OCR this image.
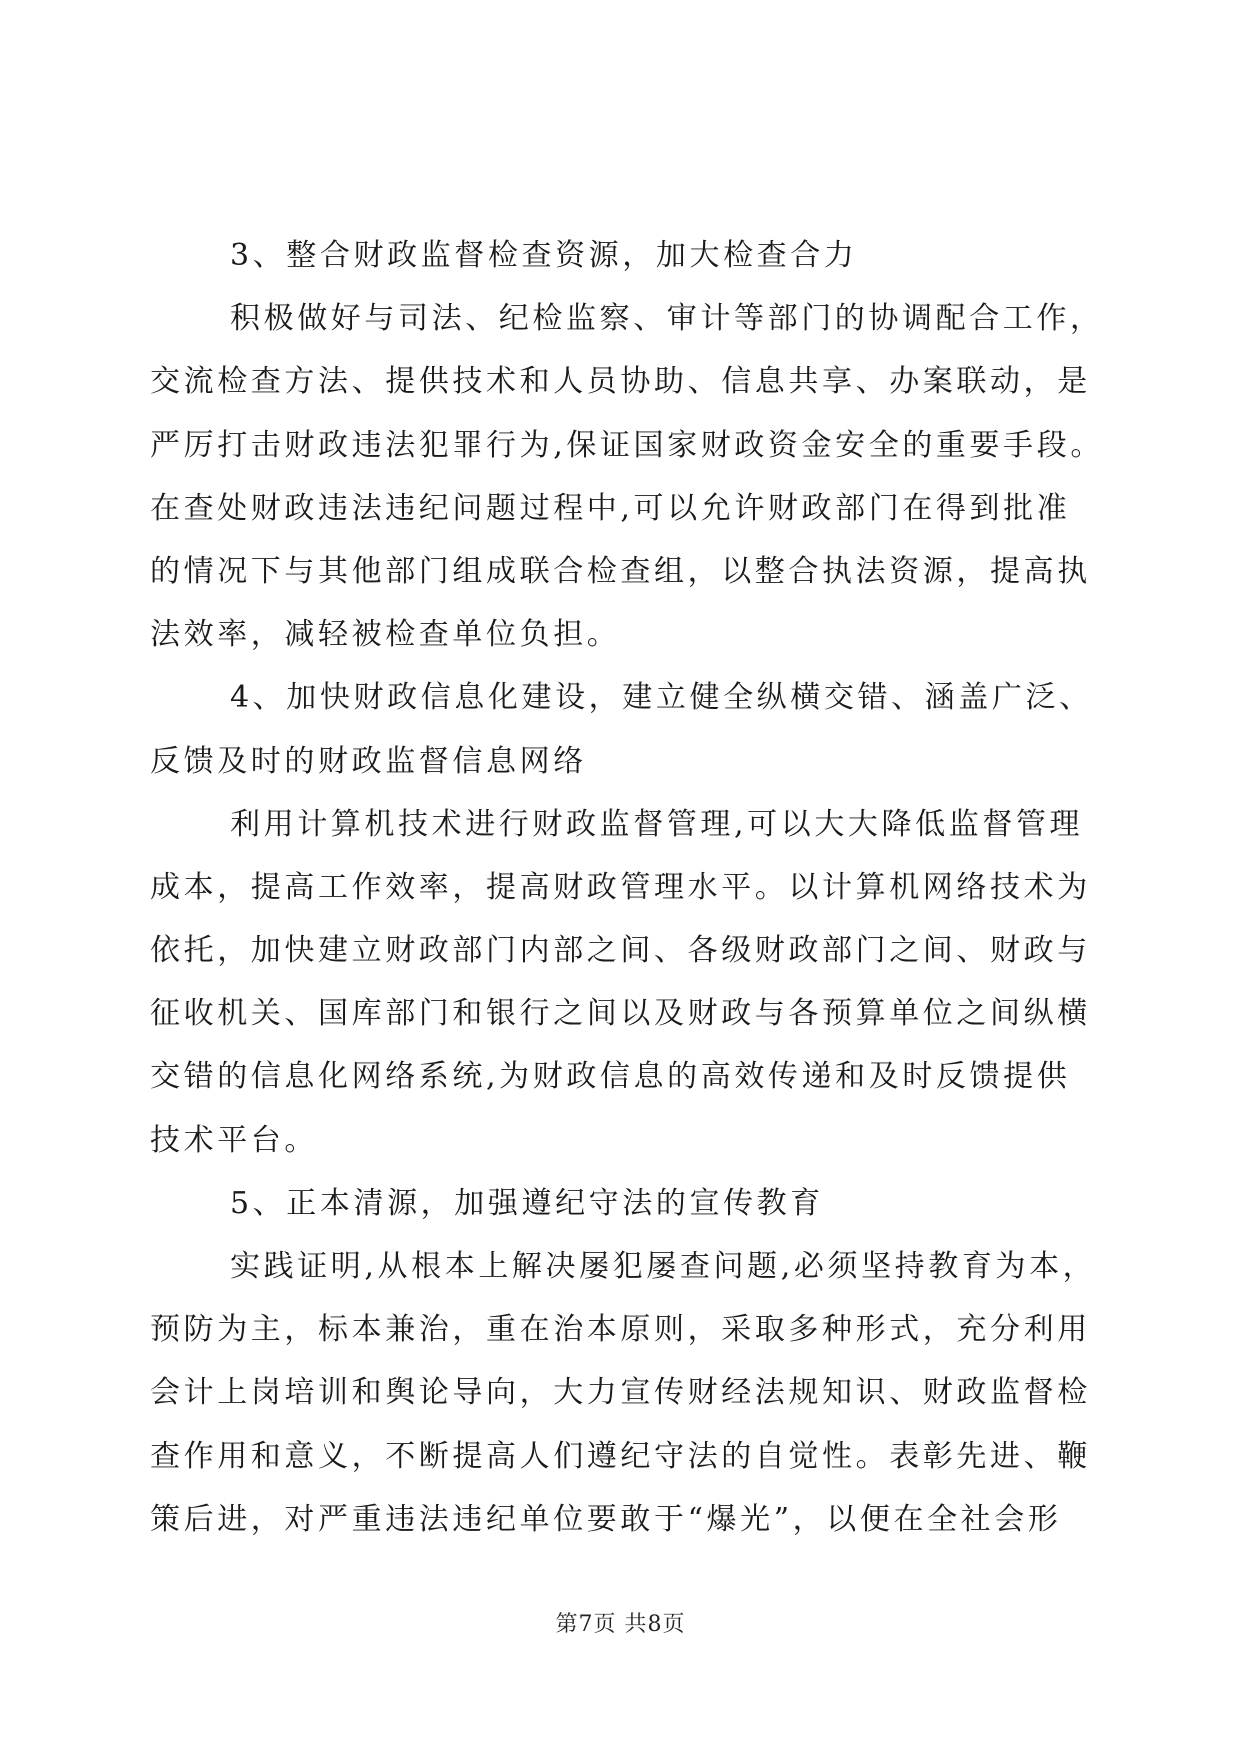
3、整合财政监督检查资源，加大检查合力

积极做好与司法、纪检监察、审计等部门的协调配合工作，

交流检查方法、提供技术和人员协助、信息共享、办案联动，是

严厉打击财政违法犯罪行为,保证国家财政资金安全的重要手段。

在查处财政违法违纪问题过程中,可以允许财政部门在得到批准

的情况下与其他部门组成联合检查组，以整合执法资源，提高执

法效率，减轻被检查单位负担。

4、加快财政信息化建设，建立健全纵横交错、涵盖广泛、

反馈及时的财政监督信息网络

利用计算机技术进行财政监督管理,可以大大降低监督管理

成本，提高工作效率，提高财政管理水平。以计算机网络技术为

依托，加快建立财政部门内部之间、各级财政部门之间、财政与

征收机关、国库部门和银行之间以及财政与各预算单位之间纵横

交错的信息化网络系统,为财政信息的高效传递和及时反馈提供

技术平台。

5、正本清源，加强遵纪守法的宣传教育

实践证明,从根本上解决屡犯屡查问题,必须坚持教育为本，

预防为主，标本兼治，重在治本原则，采取多种形式，充分利用

会计上岗培训和舆论导向，大力宣传财经法规知识、财政监督检

查作用和意义，不断提高人们遵纪守法的自觉性。表彰先进、鞭

策后进，对严重违法违纪单位要敢于“爆光”，以便在全社会形

第7页 共8页
